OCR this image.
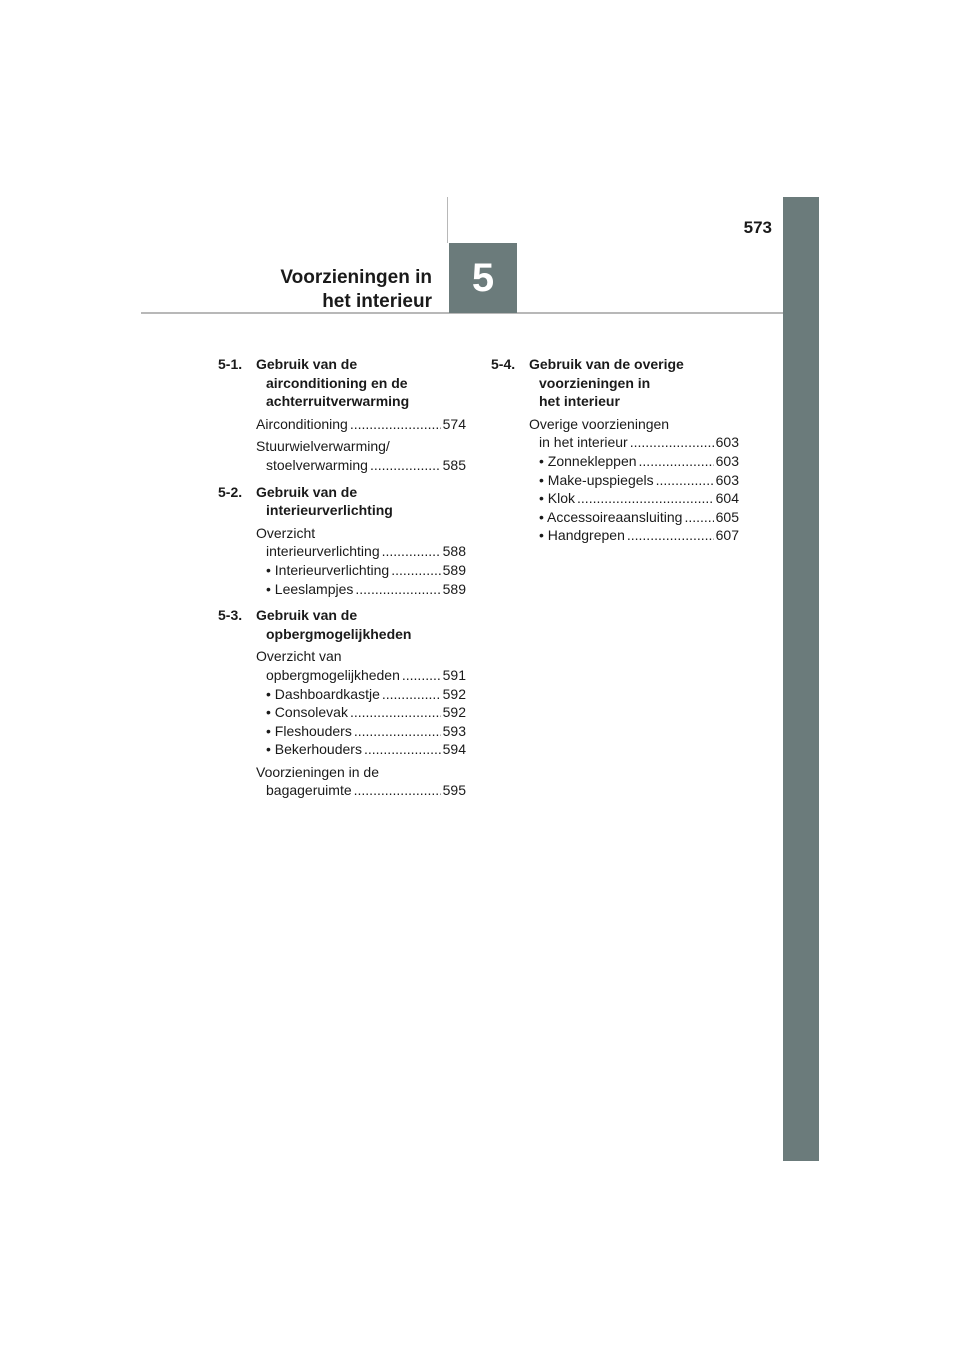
5
573
Voorzieningen in
het interieur
5-1. Gebruik van de
airconditioning en de
achterruitverwarming
Airconditioning .....	574
Stuurwielverwarming/
stoelverwarming .....	585
5-2. Gebruik van de
interieurverlichting
Overzicht
interieurverlichting .....	588
• Interieurverlichting .....	589
• Leeslampjes .....	589
5-3. Gebruik van de
opbergmogelijkheden
Overzicht van
opbergmogelijkheden .....	591
• Dashboardkastje .....	592
• Consolevak .....	592
• Fleshouders .....	593
• Bekerhouders .....	594
Voorzieningen in de
bagageruimte .....	595
5-4. Gebruik van de overige
voorzieningen in
het interieur
Overige voorzieningen
in het interieur .....	603
• Zonnekleppen .....	603
• Make-upspiegels .....	603
• Klok .....	604
• Accessoireaansluiting ..... 605
• Handgrepen .....	607
